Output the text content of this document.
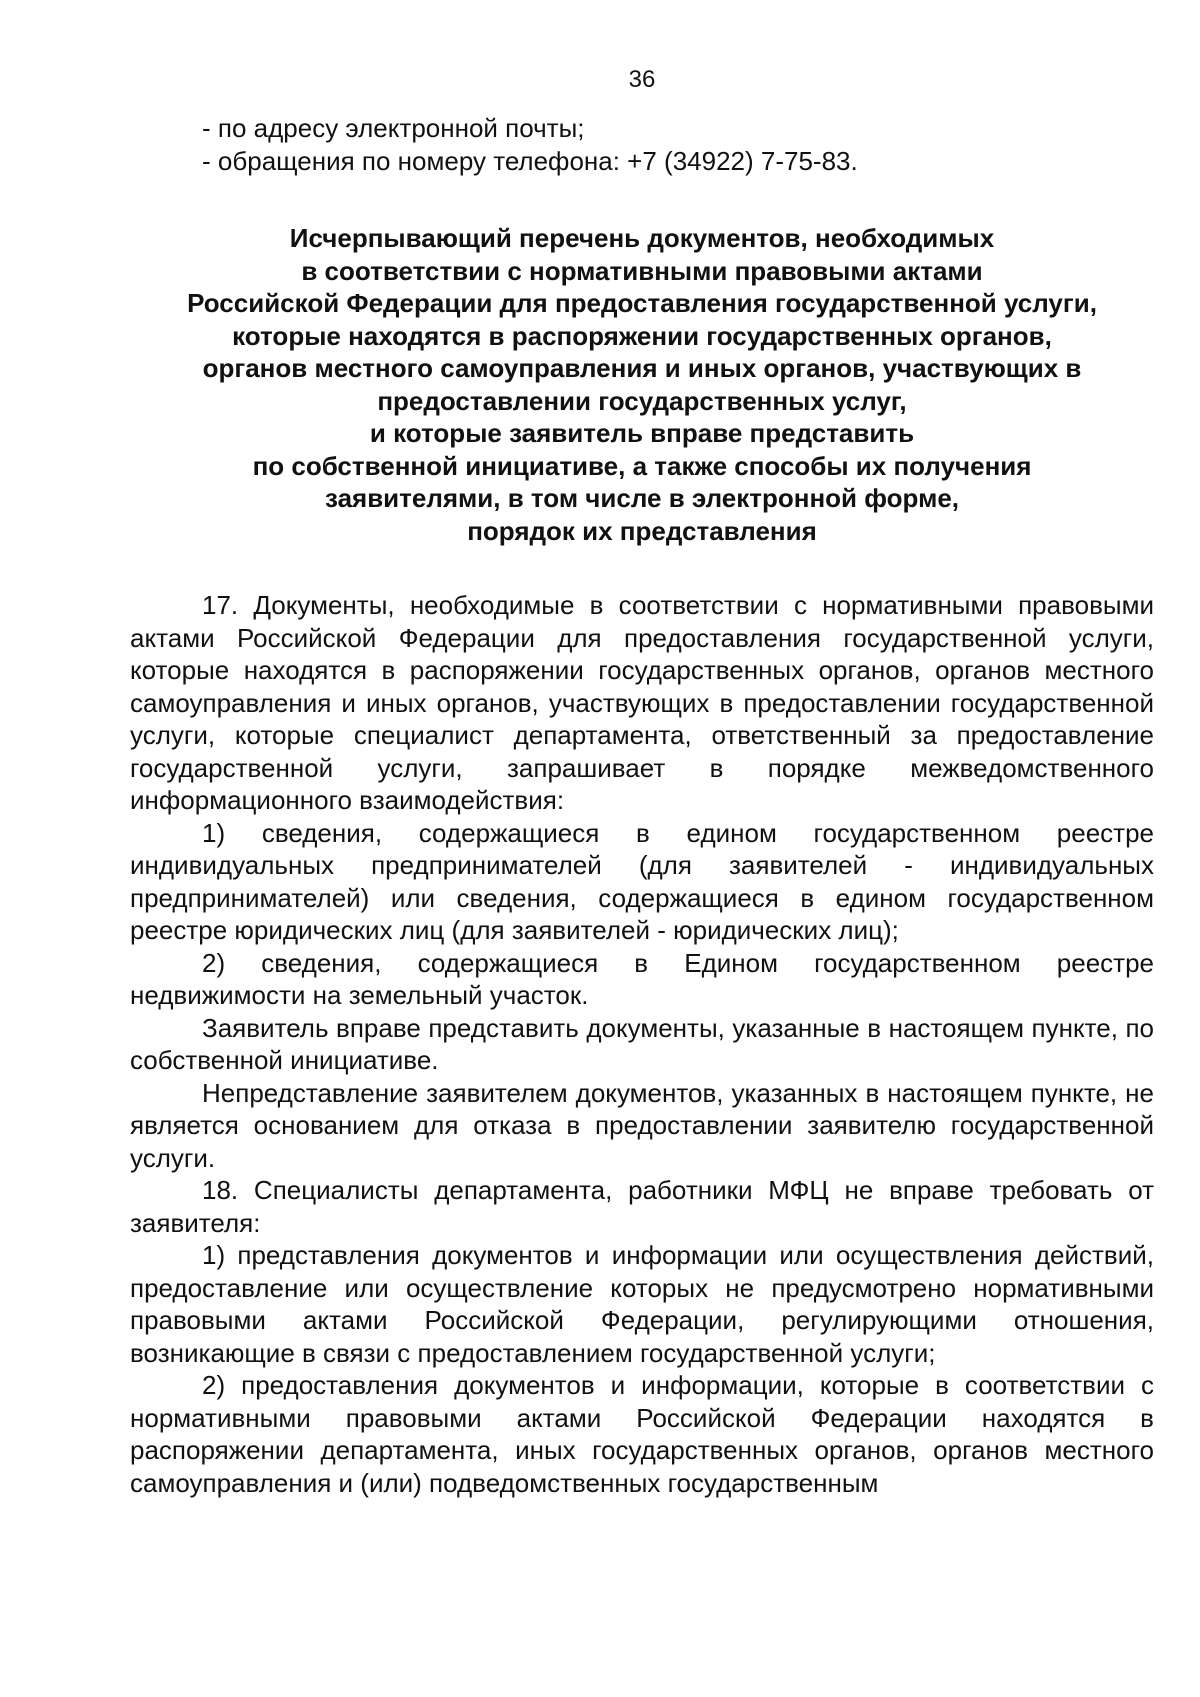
36

- по адресу электронной почты;

- обращения по номеру телефона: +7 (34922) 7-75-83.

Исчерпывающий перечень документов, необходимых
в соответствии с нормативными правовыми актами
Российской Федерации для предоставления государственной услуги,
которые находятся в распоряжении государственных органов,
органов местного самоуправления и иных органов, участвующих в
предоставлении государственных услуг,
и которые заявитель вправе представить
по собственной инициативе, а также способы их получения
заявителями, в том числе в электронной форме,
порядок их представления

17. Документы, необходимые в соответствии с нормативными правовыми актами Российской Федерации для предоставления государственной услуги, которые находятся в распоряжении государственных органов, органов местного самоуправления и иных органов, участвующих в предоставлении государственной услуги, которые специалист департамента, ответственный за предоставление государственной услуги, запрашивает в порядке межведомственного информационного взаимодействия:

1) сведения, содержащиеся в едином государственном реестре индивидуальных предпринимателей (для заявителей - индивидуальных предпринимателей) или сведения, содержащиеся в едином государственном реестре юридических лиц (для заявителей - юридических лиц);

2) сведения, содержащиеся в Едином государственном реестре недвижимости на земельный участок.

Заявитель вправе представить документы, указанные в настоящем пункте, по собственной инициативе.

Непредставление заявителем документов, указанных в настоящем пункте, не является основанием для отказа в предоставлении заявителю государственной услуги.

18. Специалисты департамента, работники МФЦ не вправе требовать от заявителя:

1) представления документов и информации или осуществления действий, предоставление или осуществление которых не предусмотрено нормативными правовыми актами Российской Федерации, регулирующими отношения, возникающие в связи с предоставлением государственной услуги;

2) предоставления документов и информации, которые в соответствии с нормативными правовыми актами Российской Федерации находятся в распоряжении департамента, иных государственных органов, органов местного самоуправления и (или) подведомственных государственным
